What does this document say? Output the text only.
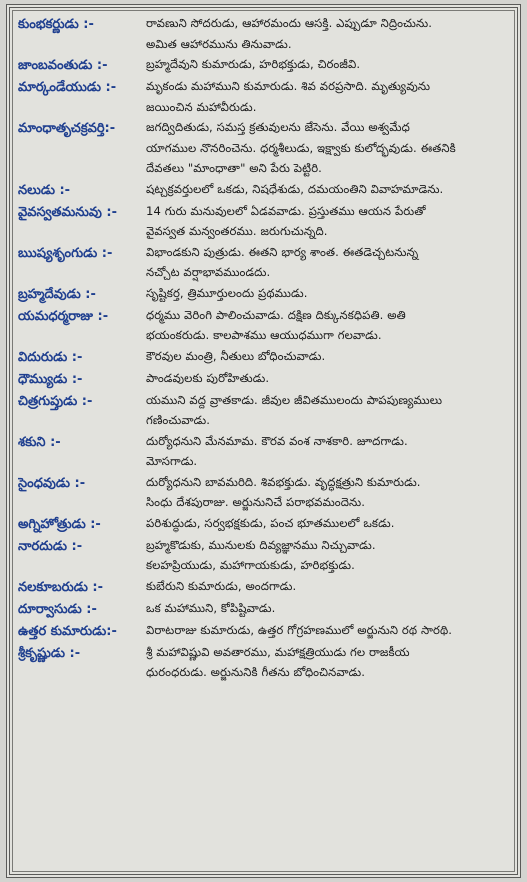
కుంభకర్ణుడు :-	రావణుని సోదరుడు, ఆహారమందు ఆసక్తి. ఎప్పుడూ నిద్రించును.
అమిత ఆహారమును తినువాడు.
జాంబవంతుడు :-	బ్రహ్మదేవుని కుమారుడు, హరిభక్తుడు, చిరంజీవి.
మార్కండేయుడు :-	మృకండు మహాముని కుమారుడు. శివ వరప్రసాది. మృత్యువును
జయించిన మహావీరుడు.
మాంధాతృచక్రవర్తి:-	జగద్విదితుడు, సమస్త క్రతువులను జేసెను. వేయి అశ్వమేధ
యాగముల నొనరించెను. ధర్మశీలుడు, ఇక్ష్వాకు కులోద్భవుడు. ఈతనికి
దేవతలు "మాంధాతా" అని పేరు పెట్టిరి.
నలుడు :-	షట్చక్రవర్తులలో ఒకడు, నిషధేశుడు, దమయంతిని వివాహమాడెను.
వైవస్వతమనువు :-	14 గురు మనువులలో ఏడవవాడు. ప్రస్తుతము ఆయన పేరుతో
వైవస్వత మన్వంతరము. జరుగుచున్నది.
ఋష్యశృంగుడు :-	విభాండకుని పుత్రుడు. ఈతని భార్య శాంత. ఈతడెచ్చటనున్న
నచ్చోట వర్షాభావముండదు.
బ్రహ్మదేవుడు :-	సృష్టికర్త, త్రిమూర్తులందు ప్రథముడు.
యమధర్మరాజు :-	ధర్మము వెరింగి పాలించువాడు. దక్షిణ దిక్కునకధిపతి. అతి
భయంకరుడు. కాలపాశము ఆయుధముగా గలవాడు.
విదురుడు :-	కౌరవుల మంత్రి, నీతులు బోధించువాడు.
ధౌమ్యుడు :-	పాండవులకు పురోహితుడు.
చిత్రగుప్తుడు :-	యముని వద్ద వ్రాతకాడు. జీవుల జీవితములందు పాపపుణ్యములు
గణించువాడు.
శకుని :-	దుర్యోధనుని మేనమామ. కౌరవ వంశ నాశకారి. జూదగాడు.
మోసగాడు.
సైంధవుడు :-	దుర్యోధనుని బావమరిది. శివభక్తుడు. వృద్ధక్షత్రుని కుమారుడు.
సింధు దేశపురాజు. అర్జునునిచే పరాభవమందెను.
అగ్నిహోత్రుడు :-	పరిశుద్ధుడు, సర్వభక్షకుడు, పంచ భూతములలో ఒకడు.
నారదుడు :-	బ్రహ్మకొడుకు, మునులకు దివ్యజ్ఞానము నిచ్చువాడు.
కలహప్రియుడు, మహాగాయకుడు, హరిభక్తుడు.
నలకూబరుడు :-	కుబేరుని కుమారుడు, అందగాడు.
దూర్వాసుడు :-	ఒక మహాముని, కోపిష్టివాడు.
ఉత్తర కుమారుడు:-	విరాటరాజు కుమారుడు, ఉత్తర గోగ్రహణములో అర్జునుని రథ సారథి.
శ్రీకృష్ణుడు :-	శ్రీ మహావిష్ణువి అవతారము, మహాక్షత్రియుడు గల రాజకీయ
ధురంధరుడు. అర్జునునికి గీతను బోధించినవాడు.
